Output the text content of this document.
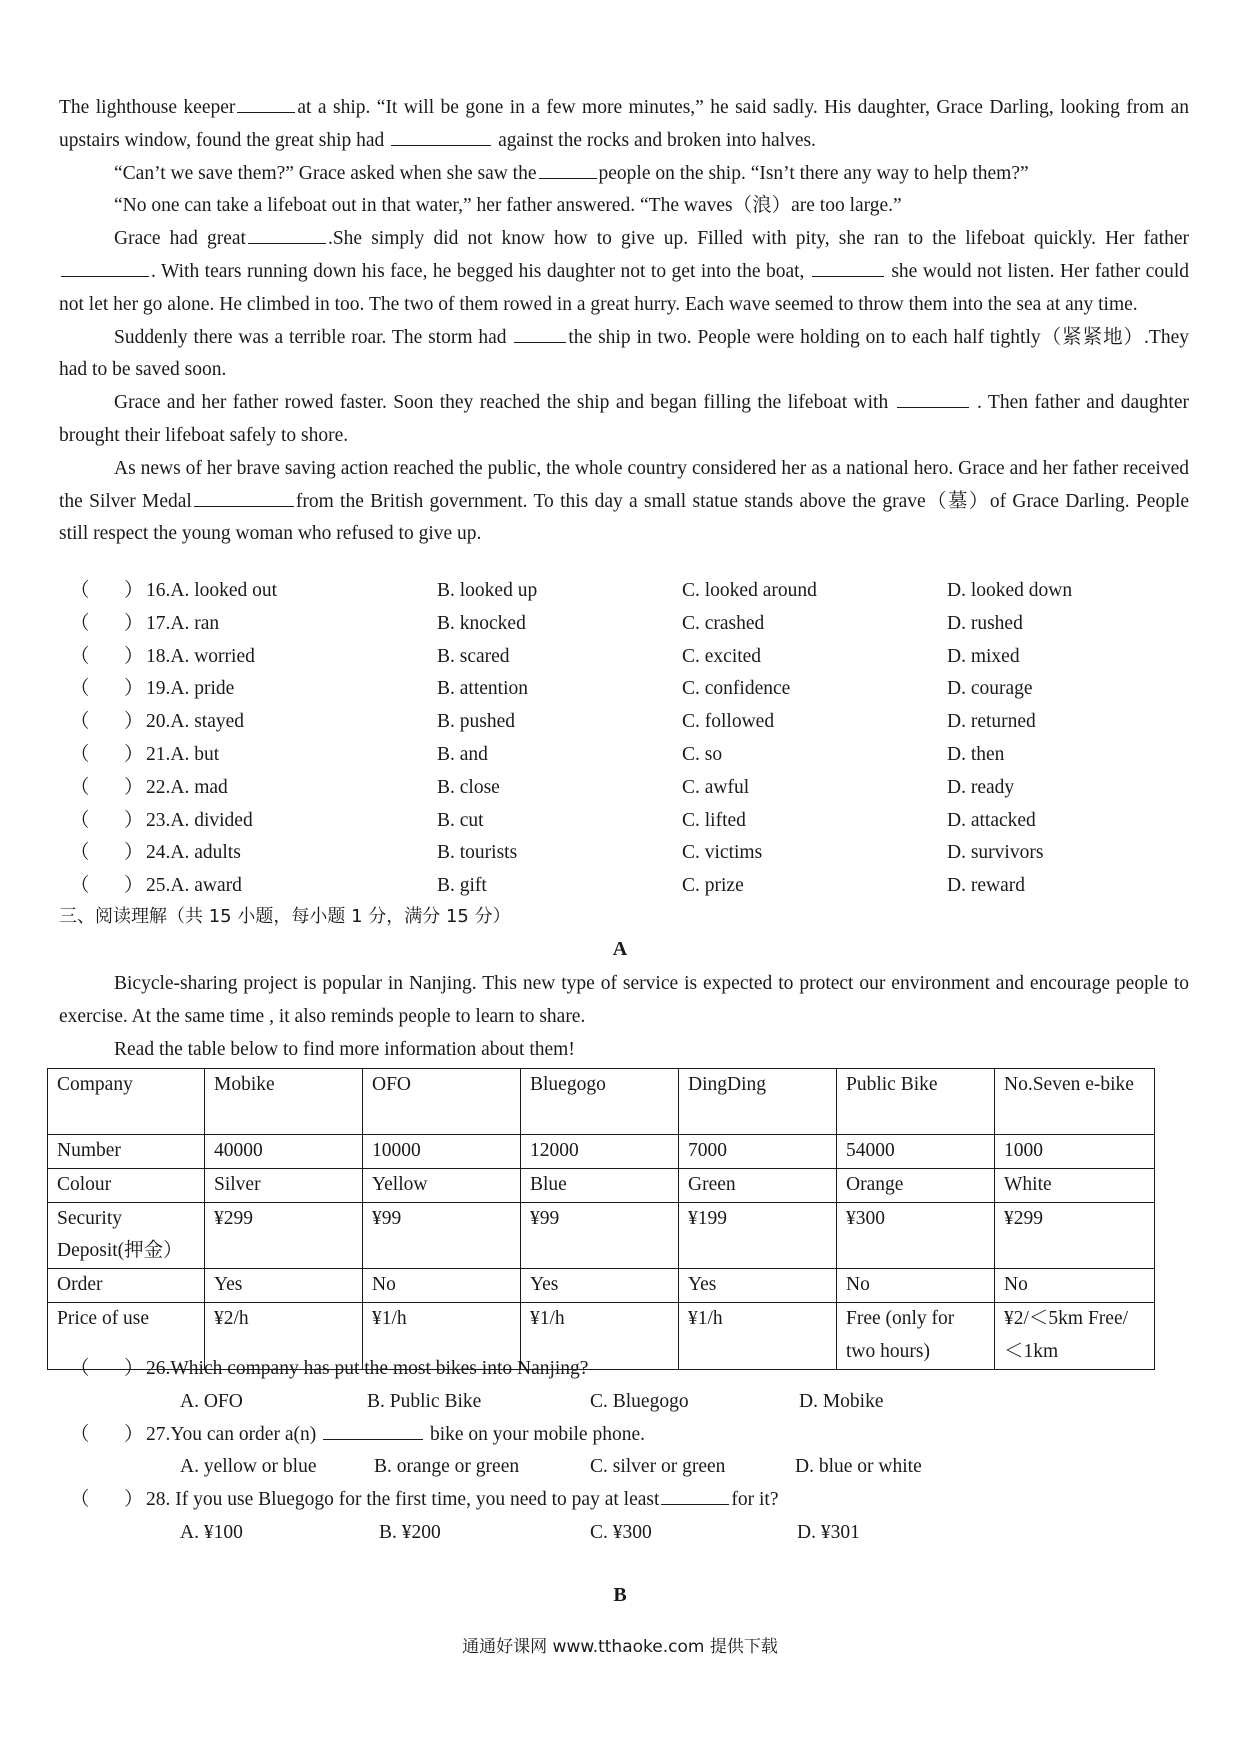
The lighthouse keeper	at a ship. “It will be gone in a few more minutes,” he said sadly. His daughter, Grace Darling, looking from an upstairs window, found the great ship had	against the rocks and broken into halves.

“Can’t we save them?” Grace asked when she saw the	people on the ship. “Isn’t there any way to help them?”

“No one can take a lifeboat out in that water,” her father answered. “The waves（浪）are too large.”

Grace had great	.She simply did not know how to give up. Filled with pity, she ran to the lifeboat quickly. Her father. With tears running down his face, he begged his daughter not to get into the boat,	she would not listen. Her father could not let her go alone. He climbed in too. The two of them rowed in a great hurry. Each wave seemed to throw them into the sea at any time.

Suddenly there was a terrible roar. The storm had	the ship in two. People were holding on to each half tightly（紧紧地）.They had to be saved soon.

Grace and her father rowed faster. Soon they reached the ship and began filling the lifeboat with	. Then father and daughter brought their lifeboat safely to shore.

As news of her brave saving action reached the public, the whole country considered her as a national hero. Grace and her father received the Silver Medal	from the British government. To this day a small statue stands above the grave（墓）of Grace Darling. People still respect the young woman who refused to give up.

（ ） 16.A. looked out	B. looked up	C. looked around	D. looked down
（ ） 17.A. ran	B. knocked	C. crashed	D. rushed
（ ） 18.A. worried	B. scared	C. excited	D. mixed
（ ） 19.A. pride	B. attention	C. confidence	D. courage
（ ） 20.A. stayed	B. pushed	C. followed	D. returned
（ ） 21.A. but	B. and	C. so	D. then
（ ） 22.A. mad	B. close	C. awful	D. ready
（ ） 23.A. divided	B. cut	C. lifted	D. attacked
（ ） 24.A. adults	B. tourists	C. victims	D. survivors
（ ） 25.A. award	B. gift	C. prize	D. reward
三、阅读理解（共 15 小题，每小题 1 分，满分 15 分）
A

Bicycle-sharing project is popular in Nanjing. This new type of service is expected to protect our environment and encourage people to exercise. At the same time , it also reminds people to learn to share.

Read the table below to find more information about them!

Company	Mobike	OFO	Bluegogo	DingDing	Public Bike	No.Seven e-bike
Number	40000	10000	12000	7000	54000	1000
Colour	Silver	Yellow	Blue	Green	Orange	White
Security Deposit(押金）	¥299	¥99	¥99	¥199	¥300	¥299
Order	Yes	No	Yes	Yes	No	No
Price of use	¥2/h	¥1/h	¥1/h	¥1/h	Free (only for two hours)	¥2/＜5km Free/＜1km
（ ） 26.Which company has put the most bikes into Nanjing?
A. OFO	B. Public Bike	C. Bluegogo	D. Mobike
（ ） 27.You can order a(n)	bike on your mobile phone.
A. yellow or blue	B. orange or green	C. silver or green	D. blue or white
（ ） 28. If you use Bluegogo for the first time, you need to pay at least	for it?
A. ¥100	B. ¥200	C. ¥300	D. ¥301
B
通通好课网 www.tthaoke.com 提供下载
